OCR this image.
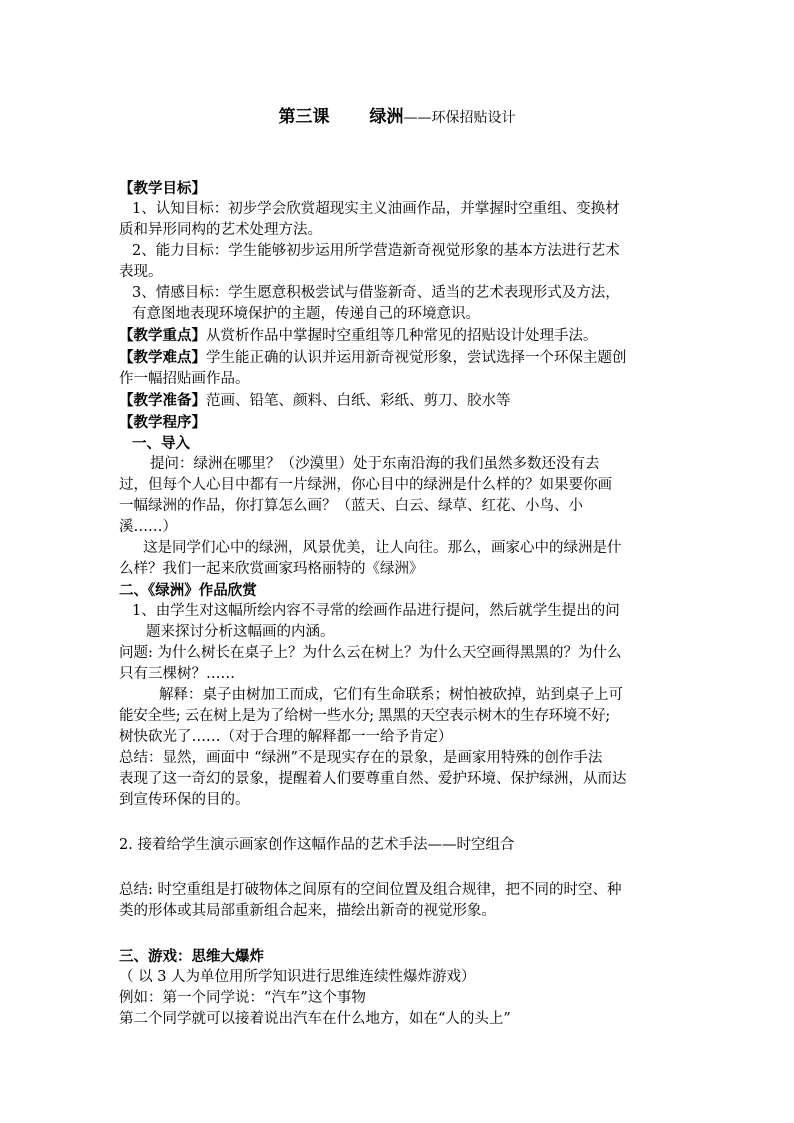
第三课 绿洲——环保招贴设计

【教学目标】

1、认知目标：初步学会欣赏超现实主义油画作品，并掌握时空重组、变换材

质和异形同构的艺术处理方法。

2、能力目标：学生能够初步运用所学营造新奇视觉形象的基本方法进行艺术

表现。

3、情感目标：学生愿意积极尝试与借鉴新奇、适当的艺术表现形式及方法，

有意图地表现环境保护的主题，传递自己的环境意识。

【教学重点】从赏析作品中掌握时空重组等几种常见的招贴设计处理手法。

【教学难点】学生能正确的认识并运用新奇视觉形象，尝试选择一个环保主题创

作一幅招贴画作品。

【教学准备】范画、铅笔、颜料、白纸、彩纸、剪刀、胶水等

【教学程序】

一、导入

提问：绿洲在哪里？（沙漠里）处于东南沿海的我们虽然多数还没有去

过，但每个人心目中都有一片绿洲，你心目中的绿洲是什么样的？如果要你画

一幅绿洲的作品，你打算怎么画？（蓝天、白云、绿草、红花、小鸟、小

溪……）

这是同学们心中的绿洲，风景优美，让人向往。那么，画家心中的绿洲是什

么样？我们一起来欣赏画家玛格丽特的《绿洲》

二、《绿洲》作品欣赏

1、由学生对这幅所绘内容不寻常的绘画作品进行提问，然后就学生提出的问

题来探讨分析这幅画的内涵。

问题: 为什么树长在桌子上？为什么云在树上？为什么天空画得黑黑的？为什么

只有三棵树？……

解释：桌子由树加工而成，它们有生命联系；树怕被砍掉，站到桌子上可

能安全些; 云在树上是为了给树一些水分; 黑黑的天空表示树木的生存环境不好;

树快砍光了……（对于合理的解释都一一给予肯定）

总结：显然，画面中 “绿洲”不是现实存在的景象，是画家用特殊的创作手法

表现了这一奇幻的景象，提醒着人们要尊重自然、爱护环境、保护绿洲，从而达

到宣传环保的目的。

2. 接着给学生演示画家创作这幅作品的艺术手法——时空组合

总结: 时空重组是打破物体之间原有的空间位置及组合规律，把不同的时空、种

类的形体或其局部重新组合起来，描绘出新奇的视觉形象。

三、游戏：思维大爆炸

（ 以 3 人为单位用所学知识进行思维连续性爆炸游戏）

例如：第一个同学说：“汽车”这个事物

第二个同学就可以接着说出汽车在什么地方，如在“人的头上”
